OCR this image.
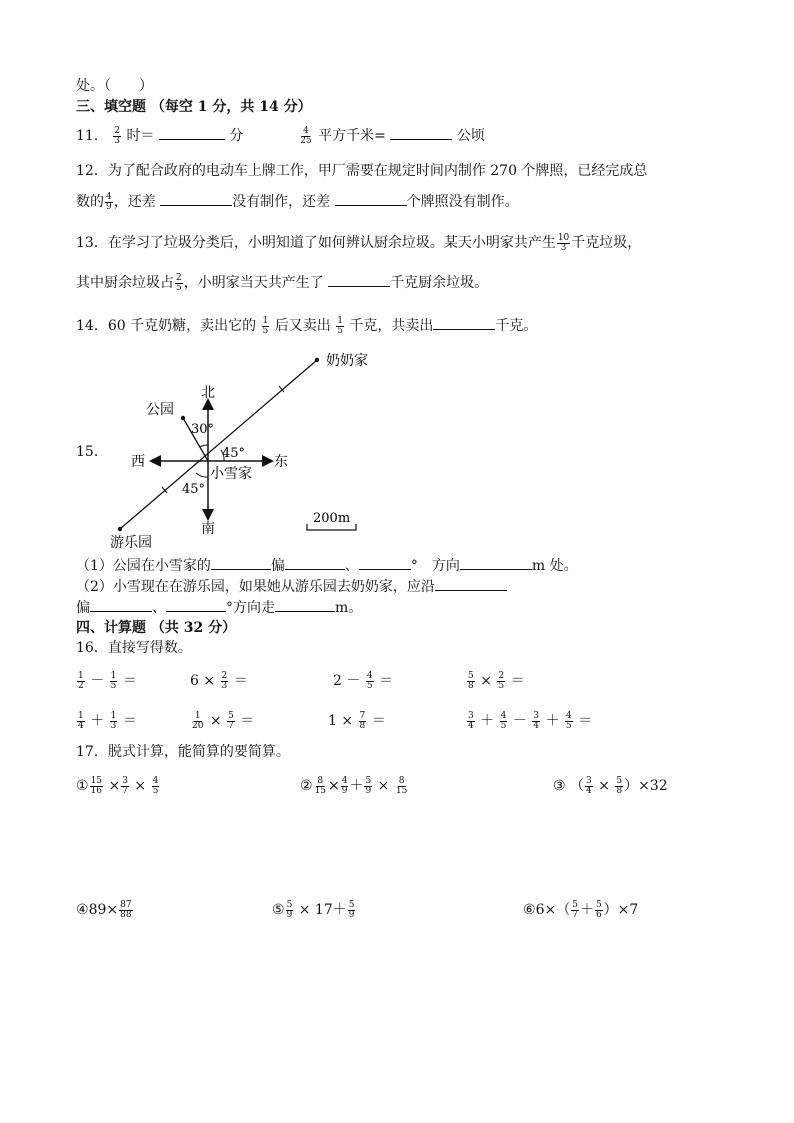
处。（　　）
三、填空题 （每空 1 分，共 14 分）
11． $\frac{2}{3}$ 时＝	分	$\frac{4}{25}$ 平方千米=	公顷
12．为了配合政府的电动车上牌工作，甲厂需要在规定时间内制作 270 个牌照，已经完成总
数的 $\frac{4}{9}$ ，还差	没有制作，还差	个牌照没有制作。
13．在学习了垃圾分类后，小明知道了如何辨认厨余垃圾。某天小明家共产生 $\frac{10}{3}$ 千克垃圾，
其中厨余垃圾占 $\frac{2}{5}$ ，小明家当天共产生了	千克厨余垃圾。
14．60 千克奶糖，卖出它的 $\frac{1}{5}$ 后又卖出 $\frac{1}{5}$ 千克，共卖出	千克。
15．
奶奶家
北
公园
30°
西
45°
东
小雪家
45°
南
游乐园
200m
（1）公园在小雪家的	偏	、	°　方向	m 处。
（2）小雪现在在游乐园，如果她从游乐园去奶奶家，应沿
偏	、	°方向走	m。
四、计算题 （共 32 分）
16．直接写得数。
$\frac{1}{2} - \frac{1}{5}$ ＝	$6 \times \frac{2}{3}$ ＝	$2 - \frac{4}{5}$ ＝	$\frac{5}{8} \times \frac{2}{5}$ ＝
$\frac{1}{4} + \frac{1}{3}$ ＝	$\frac{1}{20} \times \frac{5}{7}$ ＝	$1 \times \frac{7}{8}$ ＝	$\frac{3}{4} + \frac{4}{5} - \frac{3}{4} + \frac{4}{5}$ ＝
17．脱式计算，能简算的要简算。
① $\frac{15}{16} \times \frac{3}{7} \times \frac{4}{5}$	② $\frac{8}{15} \times \frac{4}{9} + \frac{5}{9} \times \frac{8}{15}$	③ （ $\frac{3}{4} \times \frac{5}{8} )\times 32$
④89× $\frac{87}{88}$	⑤ $\frac{5}{9} \times 17+ \frac{5}{9}$	⑥6×（ $\frac{5}{7} + \frac{5}{6} )\times 7$
